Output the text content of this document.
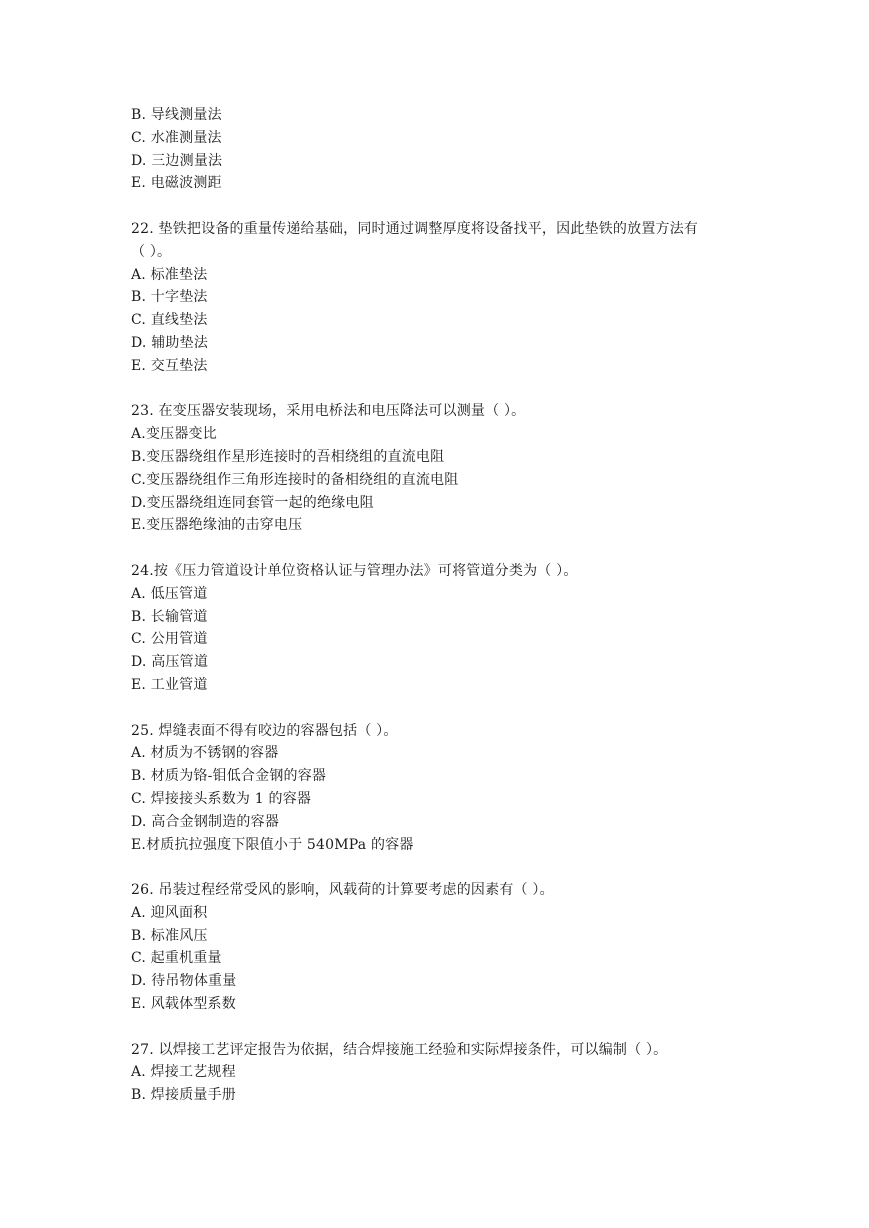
B. 导线测量法
C. 水准测量法
D. 三边测量法
E. 电磁波测距
22. 垫铁把设备的重量传递给基础，同时通过调整厚度将设备找平，因此垫铁的放置方法有
（ ）。
A. 标准垫法
B. 十字垫法
C. 直线垫法
D. 辅助垫法
E. 交互垫法
23. 在变压器安装现场，采用电桥法和电压降法可以测量（ ）。
A.变压器变比
B.变压器绕组作星形连接时的吾相绕组的直流电阻
C.变压器绕组作三角形连接时的备相绕组的直流电阻
D.变压器绕组连同套管一起的绝缘电阻
E.变压器绝缘油的击穿电压
24.按《压力管道设计单位资格认证与管理办法》可将管道分类为（ ）。
A. 低压管道
B. 长输管道
C. 公用管道
D. 高压管道
E. 工业管道
25. 焊缝表面不得有咬边的容器包括（ ）。
A. 材质为不锈钢的容器
B. 材质为铬-钼低合金钢的容器
C. 焊接接头系数为 1 的容器
D. 高合金钢制造的容器
E.材质抗拉强度下限值小于 540MPa 的容器
26. 吊装过程经常受风的影响，风载荷的计算要考虑的因素有（ ）。
A. 迎风面积
B. 标准风压
C. 起重机重量
D. 待吊物体重量
E. 风载体型系数
27. 以焊接工艺评定报告为依据，结合焊接施工经验和实际焊接条件，可以编制（ ）。
A. 焊接工艺规程
B. 焊接质量手册
